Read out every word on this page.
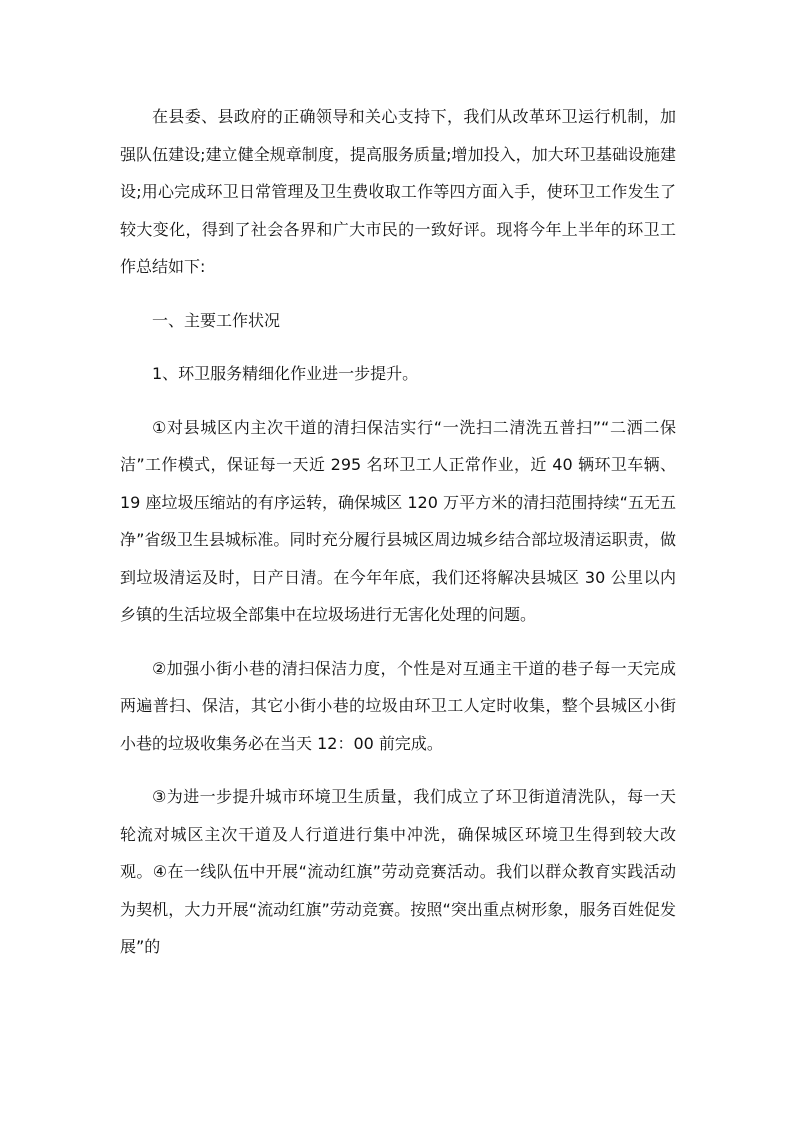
在县委、县政府的正确领导和关心支持下，我们从改革环卫运行机制，加强队伍建设;建立健全规章制度，提高服务质量;增加投入，加大环卫基础设施建设;用心完成环卫日常管理及卫生费收取工作等四方面入手，使环卫工作发生了较大变化，得到了社会各界和广大市民的一致好评。现将今年上半年的环卫工作总结如下:

一、主要工作状况

1、环卫服务精细化作业进一步提升。

①对县城区内主次干道的清扫保洁实行“一洗扫二清洗五普扫”“二洒二保洁”工作模式，保证每一天近 295 名环卫工人正常作业，近 40 辆环卫车辆、19 座垃圾压缩站的有序运转，确保城区 120 万平方米的清扫范围持续“五无五净”省级卫生县城标准。同时充分履行县城区周边城乡结合部垃圾清运职责，做到垃圾清运及时，日产日清。在今年年底，我们还将解决县城区 30 公里以内乡镇的生活垃圾全部集中在垃圾场进行无害化处理的问题。

②加强小街小巷的清扫保洁力度，个性是对互通主干道的巷子每一天完成两遍普扫、保洁，其它小街小巷的垃圾由环卫工人定时收集，整个县城区小街小巷的垃圾收集务必在当天 12：00 前完成。

③为进一步提升城市环境卫生质量，我们成立了环卫街道清洗队，每一天轮流对城区主次干道及人行道进行集中冲洗，确保城区环境卫生得到较大改观。④在一线队伍中开展“流动红旗”劳动竞赛活动。我们以群众教育实践活动为契机，大力开展“流动红旗”劳动竞赛。按照“突出重点树形象，服务百姓促发展”的
